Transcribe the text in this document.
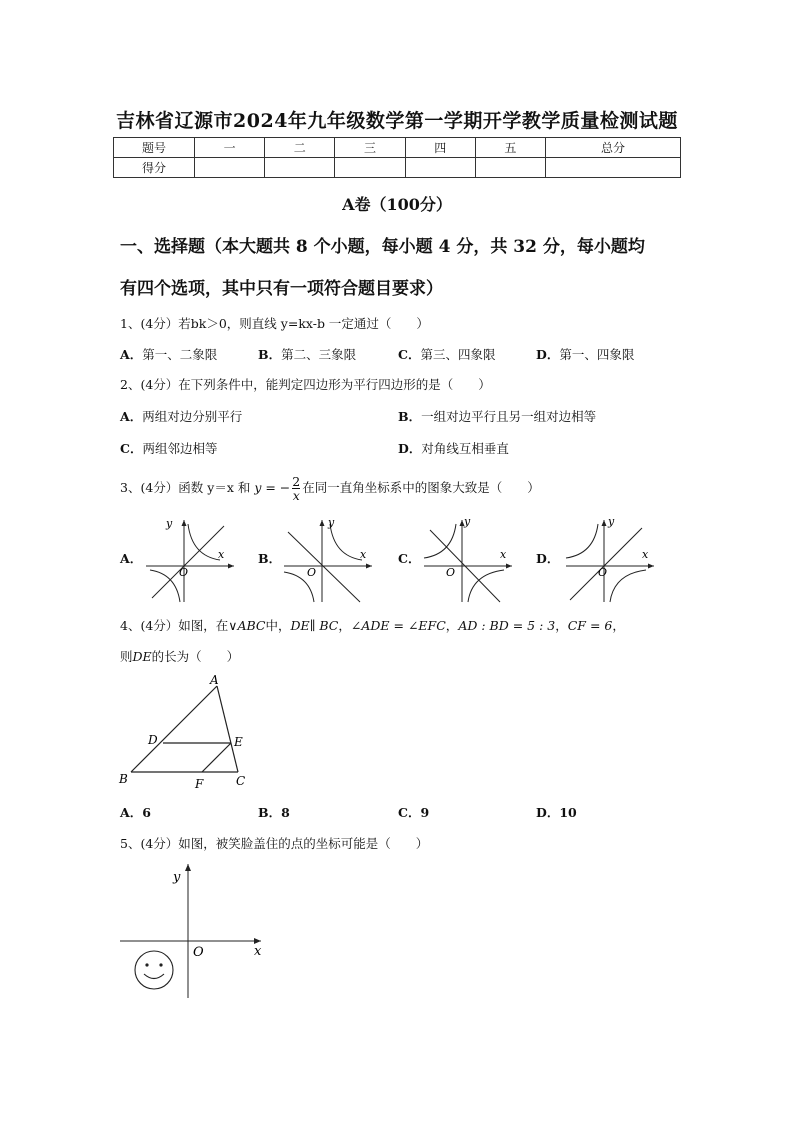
吉林省辽源市2024年九年级数学第一学期开学教学质量检测试题
题号	一	二	三	四	五	总分
得分						
A卷（100分）
一、选择题（本大题共 8 个小题，每小题 4 分，共 32 分，每小题均
有四个选项，其中只有一项符合题目要求）
1、(4分）若bk＞0，则直线 y=kx-b 一定通过（　　）
A．第一、二象限	B．第二、三象限	C．第三、四象限	D．第一、四象限
2、(4分）在下列条件中，能判定四边形为平行四边形的是（　　）
A．两组对边分别平行	B．一组对边平行且另一组对边相等
C．两组邻边相等	D．对角线互相垂直
3、(4分）函数 y＝x 和 y = − $\frac{2}{x}$ 在同一直角坐标系中的图象大致是（　　）
A．	B．	C．	D．
y
x
O
y
x
O
y
x
O
y
x
O
4、(4分）如图，在∨ABC中，DE∥ BC，∠ADE = ∠EFC，AD : BD = 5 : 3，CF = 6，
则DE的长为（　　）
A
D	E
B	F	C
A．6	B．8	C．9	D．10
5、(4分）如图，被笑脸盖住的点的坐标可能是（　　）
y
x
O
